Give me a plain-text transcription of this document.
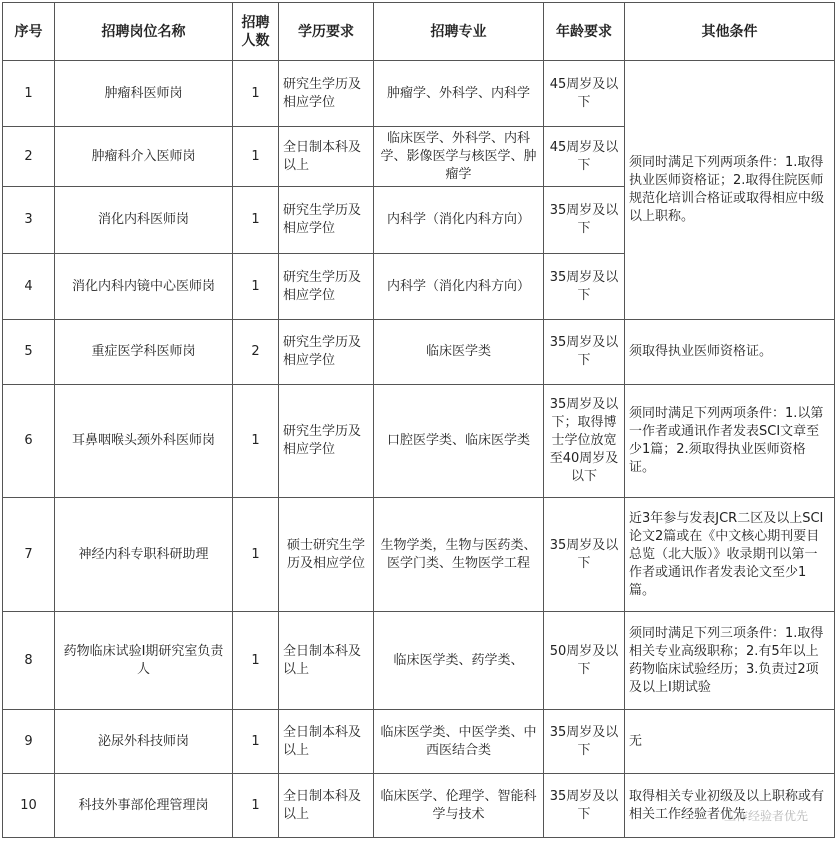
序号	招聘岗位名称	招聘人数	学历要求	招聘专业	年龄要求	其他条件
1	肿瘤科医师岗	1	研究生学历及相应学位	肿瘤学、外科学、内科学	45周岁及以下	须同时满足下列两项条件：1.取得执业医师资格证；2.取得住院医师规范化培训合格证或取得相应中级以上职称。
2	肿瘤科介入医师岗	1	全日制本科及以上	临床医学、外科学、内科学、影像医学与核医学、肿瘤学	45周岁及以下	
3	消化内科医师岗	1	研究生学历及相应学位	内科学（消化内科方向）	35周岁及以下	
4	消化内科内镜中心医师岗	1	研究生学历及相应学位	内科学（消化内科方向）	35周岁及以下	
5	重症医学科医师岗	2	研究生学历及相应学位	临床医学类	35周岁及以下	须取得执业医师资格证。
6	耳鼻咽喉头颈外科医师岗	1	研究生学历及相应学位	口腔医学类、临床医学类	35周岁及以下；取得博士学位放宽至40周岁及以下	须同时满足下列两项条件：1.以第一作者或通讯作者发表SCI文章至少1篇；2.须取得执业医师资格证。
7	神经内科专职科研助理	1	硕士研究生学历及相应学位	生物学类，生物与医药类、医学门类、生物医学工程	35周岁及以下	近3年参与发表JCR二区及以上SCI论文2篇或在《中文核心期刊要目总览（北大版）》收录期刊以第一作者或通讯作者发表论文至少1篇。
8	药物临床试验Ⅰ期研究室负责人	1	全日制本科及以上	临床医学类、药学类、	50周岁及以下	须同时满足下列三项条件：1.取得相关专业高级职称；2.有5年以上药物临床试验经历；3.负责过2项及以上Ⅰ期试验
9	泌尿外科技师岗	1	全日制本科及以上	临床医学类、中医学类、中西医结合类	35周岁及以下	无
10	科技外事部伦理管理岗	1	全日制本科及以上	临床医学、伦理学、智能科学与技术	35周岁及以下	取得相关专业初级及以上职称或有相关工作经验者优先
工作经验者优先
